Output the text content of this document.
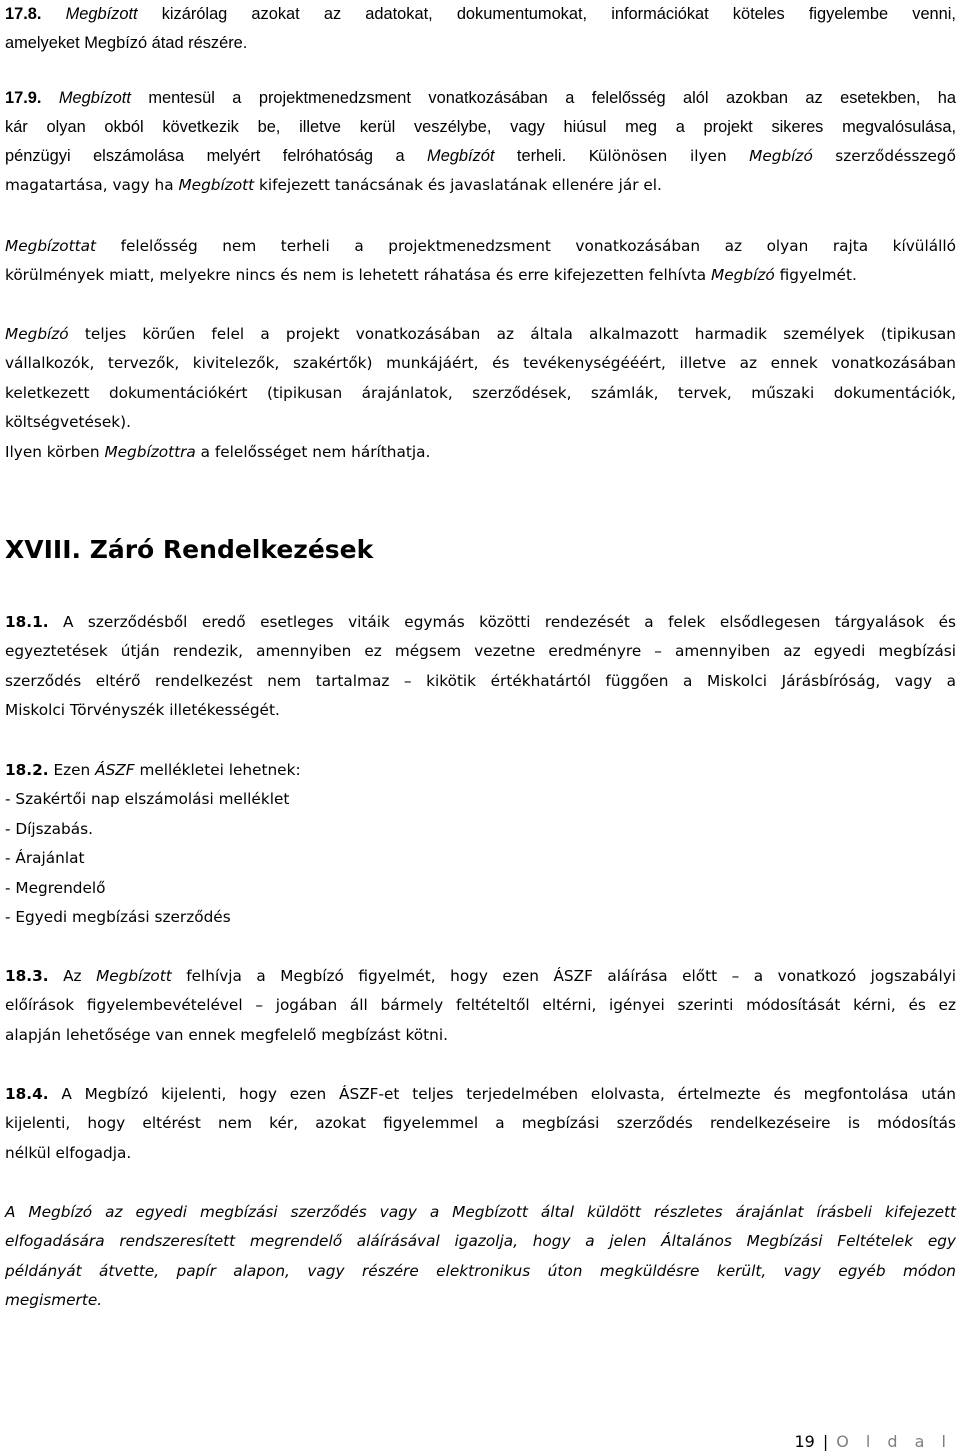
17.8. Megbízott kizárólag azokat az adatokat, dokumentumokat, információkat köteles figyelembe venni,
amelyeket Megbízó átad részére.
17.9. Megbízott mentesül a projektmenedzsment vonatkozásában a felelősség alól azokban az esetekben, ha
kár olyan okból következik be, illetve kerül veszélybe, vagy hiúsul meg a projekt sikeres megvalósulása,
pénzügyi elszámolása melyért felróhatóság a Megbízót terheli. Különösen ilyen Megbízó szerződésszegő
magatartása, vagy ha Megbízott kifejezett tanácsának és javaslatának ellenére jár el.
Megbízottat felelősség nem terheli a projektmenedzsment vonatkozásában az olyan rajta kívülálló
körülmények miatt, melyekre nincs és nem is lehetett ráhatása és erre kifejezetten felhívta Megbízó figyelmét.
Megbízó teljes körűen felel a projekt vonatkozásában az általa alkalmazott harmadik személyek (tipikusan
vállalkozók, tervezők, kivitelezők, szakértők) munkájáért, és tevékenységééért, illetve az ennek vonatkozásában
keletkezett dokumentációkért (tipikusan árajánlatok, szerződések, számlák, tervek, műszaki dokumentációk,
költségvetések).
Ilyen körben Megbízottra a felelősséget nem háríthatja.
XVIII. Záró Rendelkezések
18.1. A szerződésből eredő esetleges vitáik egymás közötti rendezését a felek elsődlegesen tárgyalások és
egyeztetések útján rendezik, amennyiben ez mégsem vezetne eredményre – amennyiben az egyedi megbízási
szerződés eltérő rendelkezést nem tartalmaz – kikötik értékhatártól függően a Miskolci Járásbíróság, vagy a
Miskolci Törvényszék illetékességét.
18.2. Ezen ÁSZF mellékletei lehetnek:
- Szakértői nap elszámolási melléklet
- Díjszabás.
- Árajánlat
- Megrendelő
- Egyedi megbízási szerződés
18.3. Az Megbízott felhívja a Megbízó figyelmét, hogy ezen ÁSZF aláírása előtt – a vonatkozó jogszabályi
előírások figyelembevételével – jogában áll bármely feltételtől eltérni, igényei szerinti módosítását kérni, és ez
alapján lehetősége van ennek megfelelő megbízást kötni.
18.4. A Megbízó kijelenti, hogy ezen ÁSZF-et teljes terjedelmében elolvasta, értelmezte és megfontolása után
kijelenti, hogy eltérést nem kér, azokat figyelemmel a megbízási szerződés rendelkezéseire is módosítás
nélkül elfogadja.
A Megbízó az egyedi megbízási szerződés vagy a Megbízott által küldött részletes árajánlat írásbeli kifejezett
elfogadására rendszeresített megrendelő aláírásával igazolja, hogy a jelen Általános Megbízási Feltételek egy
példányát átvette, papír alapon, vagy részére elektronikus úton megküldésre került, vagy egyéb módon
megismerte.
19 | O l d a l
